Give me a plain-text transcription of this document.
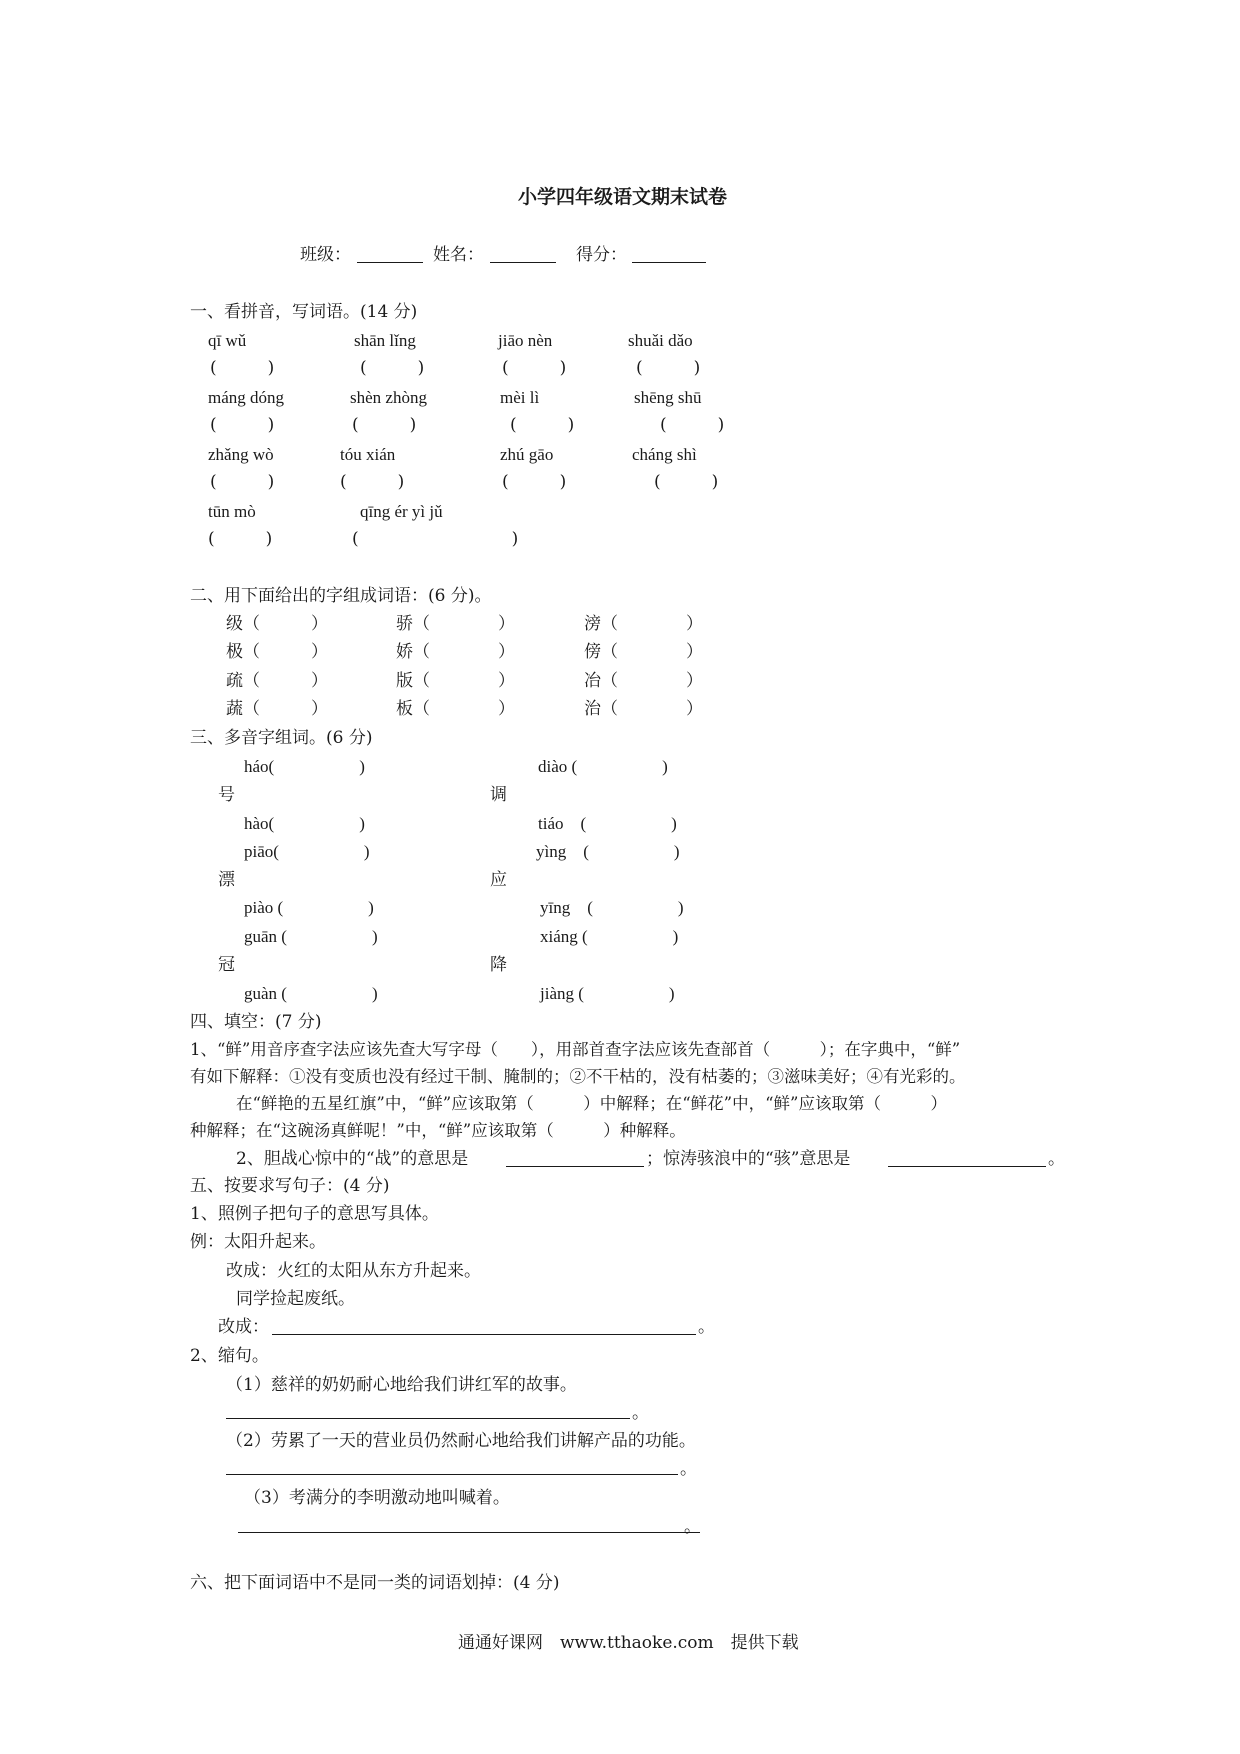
小学四年级语文期末试卷
班级：	姓名：	得分：
一、看拼音，写词语。(14 分)
qī wǔ	shān lǐng	jiāo nèn	shuǎi dǎo
(　　　)	(　　　)	(　　　)	(　　　)
máng dóng	shèn zhòng	mèi lì	shēng shū
(　　　)	(　　　)	(　　　)	(　　　)
zhǎng wò	tóu xián	zhú gāo	cháng shì
(　　　)	(　　　)	(　　　)	(　　　)
tūn mò	qīng ér yì jǔ
(　　　)	(　　　　　　　　　)
二、用下面给出的字组成词语：(6 分)。
级（　　　）	骄（　　　　）	滂（　　　　）
极（　　　）	娇（　　　　）	傍（　　　　）
疏（　　　）	版（　　　　）	冶（　　　　）
蔬（　　　）	板（　　　　）	治（　　　　）
三、多音字组词。(6 分)
háo(　　　　　)	diào (　　　　　)
号	调
hào(　　　　　)	tiáo　(　　　　　)
piāo(　　　　　)	yìng　(　　　　　)
漂	应
piào (　　　　　)	yīng　(　　　　　)
guān (　　　　　)	xiáng (　　　　　)
冠	降
guàn (　　　　　)	jiàng (　　　　　)
四、填空：(7 分)
1、“鲜”用音序查字法应该先查大写字母（　　），用部首查字法应该先查部首（　　　）；在字典中，“鲜”
有如下解释：①没有变质也没有经过干制、腌制的；②不干枯的，没有枯萎的；③滋味美好；④有光彩的。
在“鲜艳的五星红旗”中，“鲜”应该取第（　　　）中解释；在“鲜花”中，“鲜”应该取第（　　　）
种解释；在“这碗汤真鲜呢！”中，“鲜”应该取第（　　　）种解释。
2、胆战心惊中的“战”的意思是	；惊涛骇浪中的“骇”意思是	。
五、按要求写句子：(4 分)
1、照例子把句子的意思写具体。
例：太阳升起来。
改成：火红的太阳从东方升起来。
同学捡起废纸。
改成：	。
2、缩句。
（1）慈祥的奶奶耐心地给我们讲红军的故事。
。
（2）劳累了一天的营业员仍然耐心地给我们讲解产品的功能。
。
（3）考满分的李明激动地叫喊着。
。
六、把下面词语中不是同一类的词语划掉：(4 分)
通通好课网　www.tthaoke.com　提供下载
